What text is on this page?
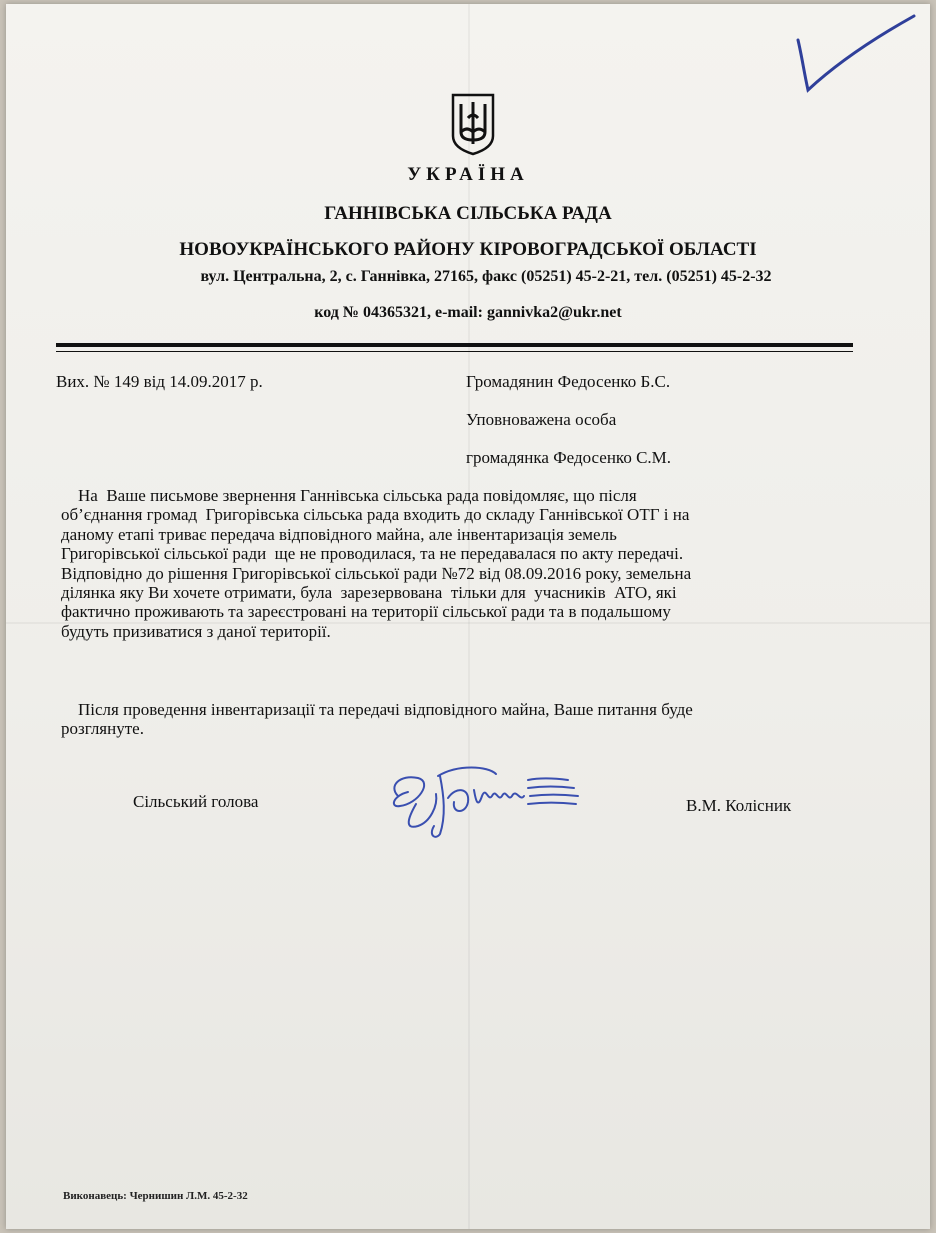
УКРАЇНА
ГАННІВСЬКА СІЛЬСЬКА РАДА
НОВОУКРАЇНСЬКОГО РАЙОНУ КІРОВОГРАДСЬКОЇ ОБЛАСТІ
вул. Центральна, 2, с. Ганнівка, 27165, факс (05251) 45-2-21, тел. (05251) 45-2-32
код № 04365321, e-mail: gannivka2@ukr.net
Вих. № 149 від 14.09.2017 р.	Громадянин Федосенко Б.С.
Уповноважена особа
громадянка Федосенко С.М.
На  Ваше письмове звернення Ганнівська сільська рада повідомляє, що після
об’єднання громад  Григорівська сільська рада входить до складу Ганнівської ОТГ і на
даному етапі триває передача відповідного майна, але інвентаризація земель
Григорівської сільської ради  ще не проводилася, та не передавалася по акту передачі.
Відповідно до рішення Григорівської сільської ради №72 від 08.09.2016 року, земельна
ділянка яку Ви хочете отримати, була  зарезервована  тільки для  учасників  АТО, які
фактично проживають та зареєстровані на території сільської ради та в подальшому
будуть призиватися з даної території.
Після проведення інвентаризації та передачі відповідного майна, Ваше питання буде
розглянуте.
Сільський голова	В.М. Колісник
Виконавець: Чернишин Л.М. 45-2-32
